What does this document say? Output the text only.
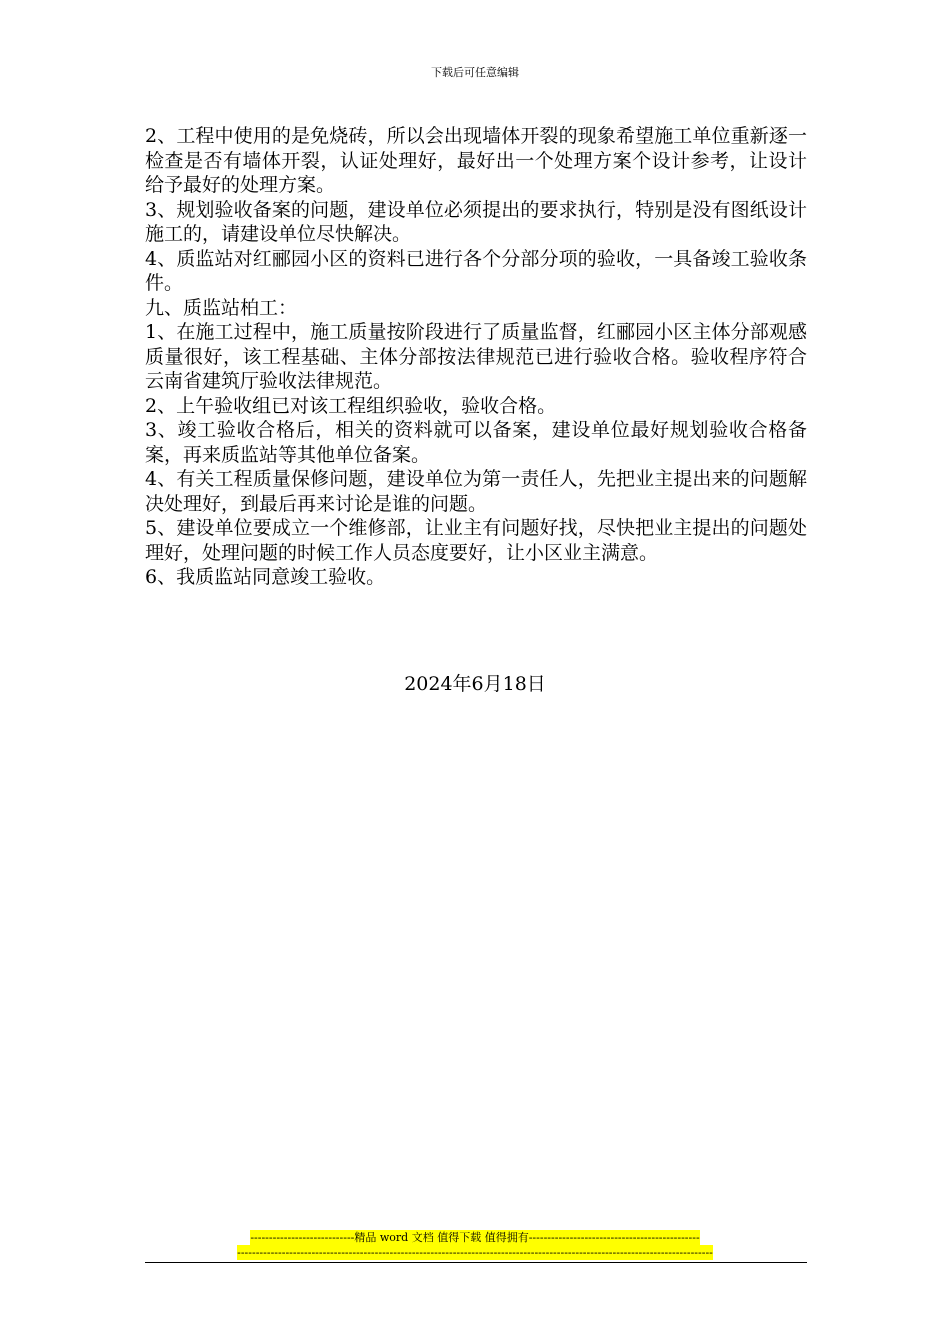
下载后可任意编辑

2、工程中使用的是免烧砖，所以会出现墙体开裂的现象希望施工单位重新逐一检查是否有墙体开裂，认证处理好，最好出一个处理方案个设计参考，让设计给予最好的处理方案。

3、规划验收备案的问题，建设单位必须提出的要求执行，特别是没有图纸设计施工的，请建设单位尽快解决。

4、质监站对红郦园小区的资料已进行各个分部分项的验收，一具备竣工验收条件。

九、质监站柏工：

1、在施工过程中，施工质量按阶段进行了质量监督，红郦园小区主体分部观感质量很好，该工程基础、主体分部按法律规范已进行验收合格。验收程序符合云南省建筑厅验收法律规范。

2、上午验收组已对该工程组织验收，验收合格。

3、竣工验收合格后，相关的资料就可以备案，建设单位最好规划验收合格备案，再来质监站等其他单位备案。

4、有关工程质量保修问题，建设单位为第一责任人，先把业主提出来的问题解决处理好，到最后再来讨论是谁的问题。

5、建设单位要成立一个维修部，让业主有问题好找，尽快把业主提出的问题处理好，处理问题的时候工作人员态度要好，让小区业主满意。

6、我质监站同意竣工验收。

2024年6月18日
----------------------------精品 word 文档 值得下载 值得拥有----------------------------------------------
--------------------------------------------------------------------------------------------------------------------------------
